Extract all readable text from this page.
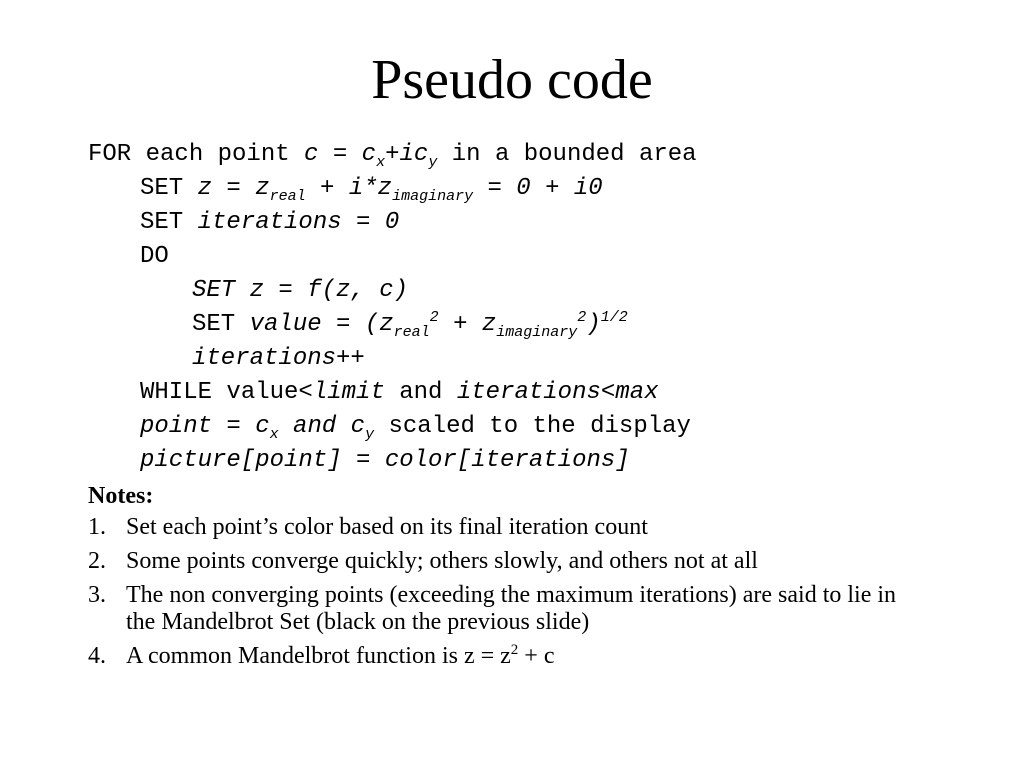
Pseudo code
FOR each point $c = c_x+ic_y$ in a bounded area
SET $z = z_{real} + i*z_{imaginary} = 0 + i0$
SET iterations = 0
DO
SET z = f(z, c)
SET value = $(z_{real}^2 + z_{imaginary}^2)^{1/2}$
iterations++
WHILE value<limit and iterations<max
point = $c_x$ and $c_y$ scaled to the display
picture[point] = color[iterations]
Notes:
1. Set each point’s color based on its final iteration count
2. Some points converge quickly; others slowly, and others not at all
3. The non converging points (exceeding the maximum iterations) are said to lie in the Mandelbrot Set (black on the previous slide)
4. A common Mandelbrot function is $z = z^2 + c$
